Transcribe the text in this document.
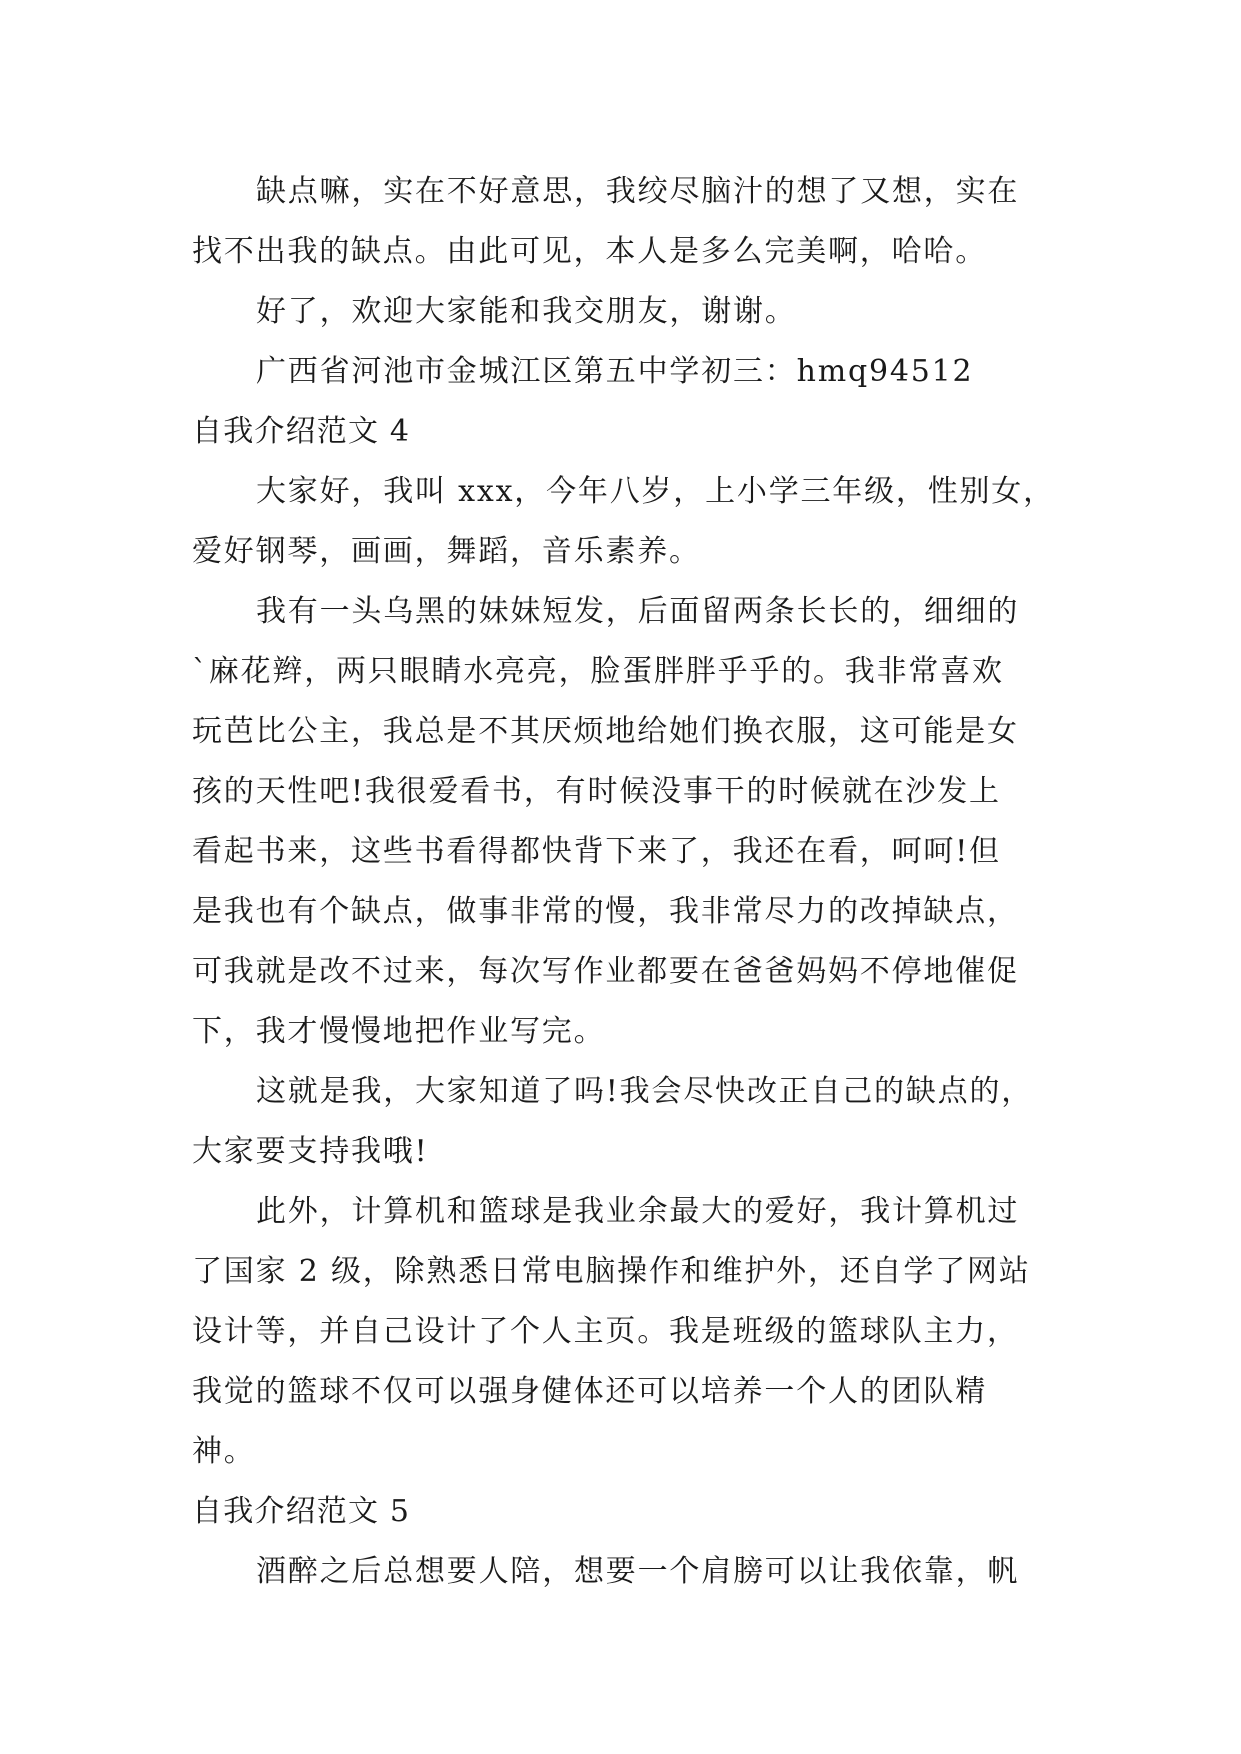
缺点嘛，实在不好意思，我绞尽脑汁的想了又想，实在
找不出我的缺点。由此可见，本人是多么完美啊，哈哈。
好了，欢迎大家能和我交朋友，谢谢。
广西省河池市金城江区第五中学初三：hmq94512
自我介绍范文 4
大家好，我叫 xxx，今年八岁，上小学三年级，性别女，
爱好钢琴，画画，舞蹈，音乐素养。
我有一头乌黑的妹妹短发，后面留两条长长的，细细的
`麻花辫，两只眼睛水亮亮，脸蛋胖胖乎乎的。我非常喜欢
玩芭比公主，我总是不其厌烦地给她们换衣服，这可能是女
孩的天性吧!我很爱看书，有时候没事干的时候就在沙发上
看起书来，这些书看得都快背下来了，我还在看，呵呵!但
是我也有个缺点，做事非常的慢，我非常尽力的改掉缺点，
可我就是改不过来，每次写作业都要在爸爸妈妈不停地催促
下，我才慢慢地把作业写完。
这就是我，大家知道了吗!我会尽快改正自己的缺点的，
大家要支持我哦!
此外，计算机和篮球是我业余最大的爱好，我计算机过
了国家 2 级，除熟悉日常电脑操作和维护外，还自学了网站
设计等，并自己设计了个人主页。我是班级的篮球队主力，
我觉的篮球不仅可以强身健体还可以培养一个人的团队精
神。
自我介绍范文 5
酒醉之后总想要人陪，想要一个肩膀可以让我依靠，帆
